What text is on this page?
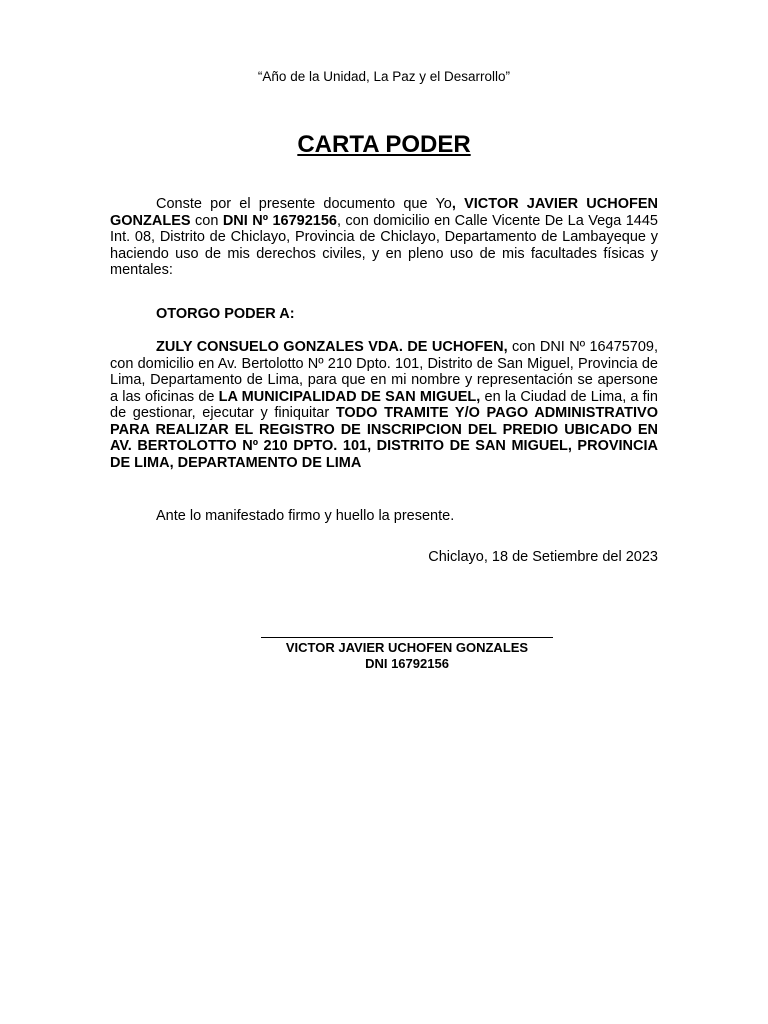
“Año de la Unidad, La Paz y el Desarrollo”
CARTA PODER
Conste por el presente documento que Yo, VICTOR JAVIER UCHOFEN GONZALES con DNI Nº 16792156, con domicilio en Calle Vicente De La Vega 1445 Int. 08, Distrito de Chiclayo, Provincia de Chiclayo, Departamento de Lambayeque y haciendo uso de mis derechos civiles, y en pleno uso de mis facultades físicas y mentales:
OTORGO PODER A:
ZULY CONSUELO GONZALES VDA. DE UCHOFEN, con DNI Nº 16475709, con domicilio en Av. Bertolotto Nº 210 Dpto. 101, Distrito de San Miguel, Provincia de Lima, Departamento de Lima, para que en mi nombre y representación se apersone a las oficinas de LA MUNICIPALIDAD DE SAN MIGUEL, en la Ciudad de Lima, a fin de gestionar, ejecutar y finiquitar TODO TRAMITE Y/O PAGO ADMINISTRATIVO PARA REALIZAR EL REGISTRO DE INSCRIPCION DEL PREDIO UBICADO EN AV. BERTOLOTTO Nº 210 DPTO. 101, DISTRITO DE SAN MIGUEL, PROVINCIA DE LIMA, DEPARTAMENTO DE LIMA
Ante lo manifestado firmo y huello la presente.
Chiclayo, 18 de Setiembre del 2023
VICTOR JAVIER UCHOFEN GONZALES
DNI 16792156
